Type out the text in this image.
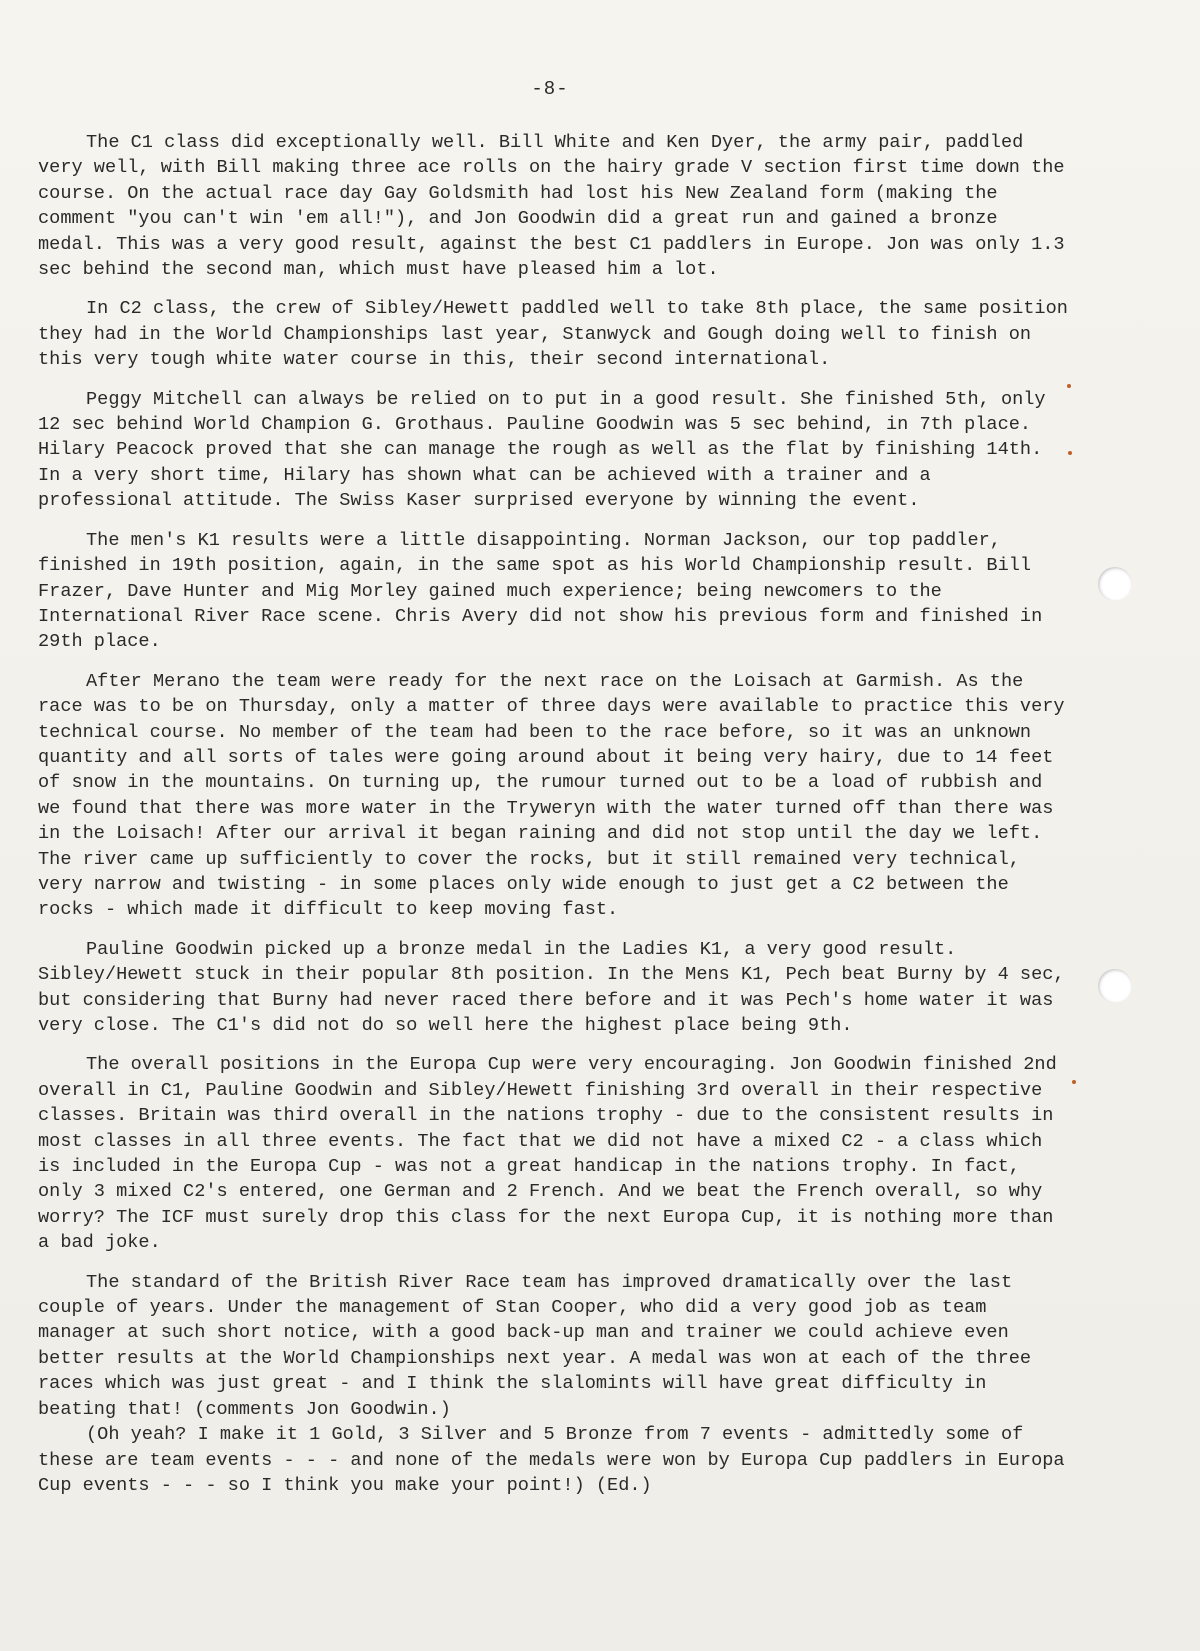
-8-

The C1 class did exceptionally well. Bill White and Ken Dyer, the army pair, paddled very well, with Bill making three ace rolls on the hairy grade V section first time down the course. On the actual race day Gay Goldsmith had lost his New Zealand form (making the comment "you can't win 'em all!"), and Jon Goodwin did a great run and gained a bronze medal. This was a very good result, against the best C1 paddlers in Europe. Jon was only 1.3 sec behind the second man, which must have pleased him a lot.

In C2 class, the crew of Sibley/Hewett paddled well to take 8th place, the same position they had in the World Championships last year, Stanwyck and Gough doing well to finish on this very tough white water course in this, their second international.

Peggy Mitchell can always be relied on to put in a good result. She finished 5th, only 12 sec behind World Champion G. Grothaus. Pauline Goodwin was 5 sec behind, in 7th place. Hilary Peacock proved that she can manage the rough as well as the flat by finishing 14th. In a very short time, Hilary has shown what can be achieved with a trainer and a professional attitude. The Swiss Kaser surprised everyone by winning the event.

The men's K1 results were a little disappointing. Norman Jackson, our top paddler, finished in 19th position, again, in the same spot as his World Championship result. Bill Frazer, Dave Hunter and Mig Morley gained much experience; being newcomers to the International River Race scene. Chris Avery did not show his previous form and finished in 29th place.

After Merano the team were ready for the next race on the Loisach at Garmish. As the race was to be on Thursday, only a matter of three days were available to practice this very technical course. No member of the team had been to the race before, so it was an unknown quantity and all sorts of tales were going around about it being very hairy, due to 14 feet of snow in the mountains. On turning up, the rumour turned out to be a load of rubbish and we found that there was more water in the Tryweryn with the water turned off than there was in the Loisach! After our arrival it began raining and did not stop until the day we left. The river came up sufficiently to cover the rocks, but it still remained very technical, very narrow and twisting - in some places only wide enough to just get a C2 between the rocks - which made it difficult to keep moving fast.

Pauline Goodwin picked up a bronze medal in the Ladies K1, a very good result. Sibley/Hewett stuck in their popular 8th position. In the Mens K1, Pech beat Burny by 4 sec, but considering that Burny had never raced there before and it was Pech's home water it was very close. The C1's did not do so well here the highest place being 9th.

The overall positions in the Europa Cup were very encouraging. Jon Goodwin finished 2nd overall in C1, Pauline Goodwin and Sibley/Hewett finishing 3rd overall in their respective classes. Britain was third overall in the nations trophy - due to the consistent results in most classes in all three events. The fact that we did not have a mixed C2 - a class which is included in the Europa Cup - was not a great handicap in the nations trophy. In fact, only 3 mixed C2's entered, one German and 2 French. And we beat the French overall, so why worry? The ICF must surely drop this class for the next Europa Cup, it is nothing more than a bad joke.

The standard of the British River Race team has improved dramatically over the last couple of years. Under the management of Stan Cooper, who did a very good job as team manager at such short notice, with a good back-up man and trainer we could achieve even better results at the World Championships next year. A medal was won at each of the three races which was just great - and I think the slalomints will have great difficulty in beating that! (comments Jon Goodwin.)

(Oh yeah? I make it 1 Gold, 3 Silver and 5 Bronze from 7 events - admittedly some of these are team events - - - and none of the medals were won by Europa Cup paddlers in Europa Cup events - - - so I think you make your point!) (Ed.)
